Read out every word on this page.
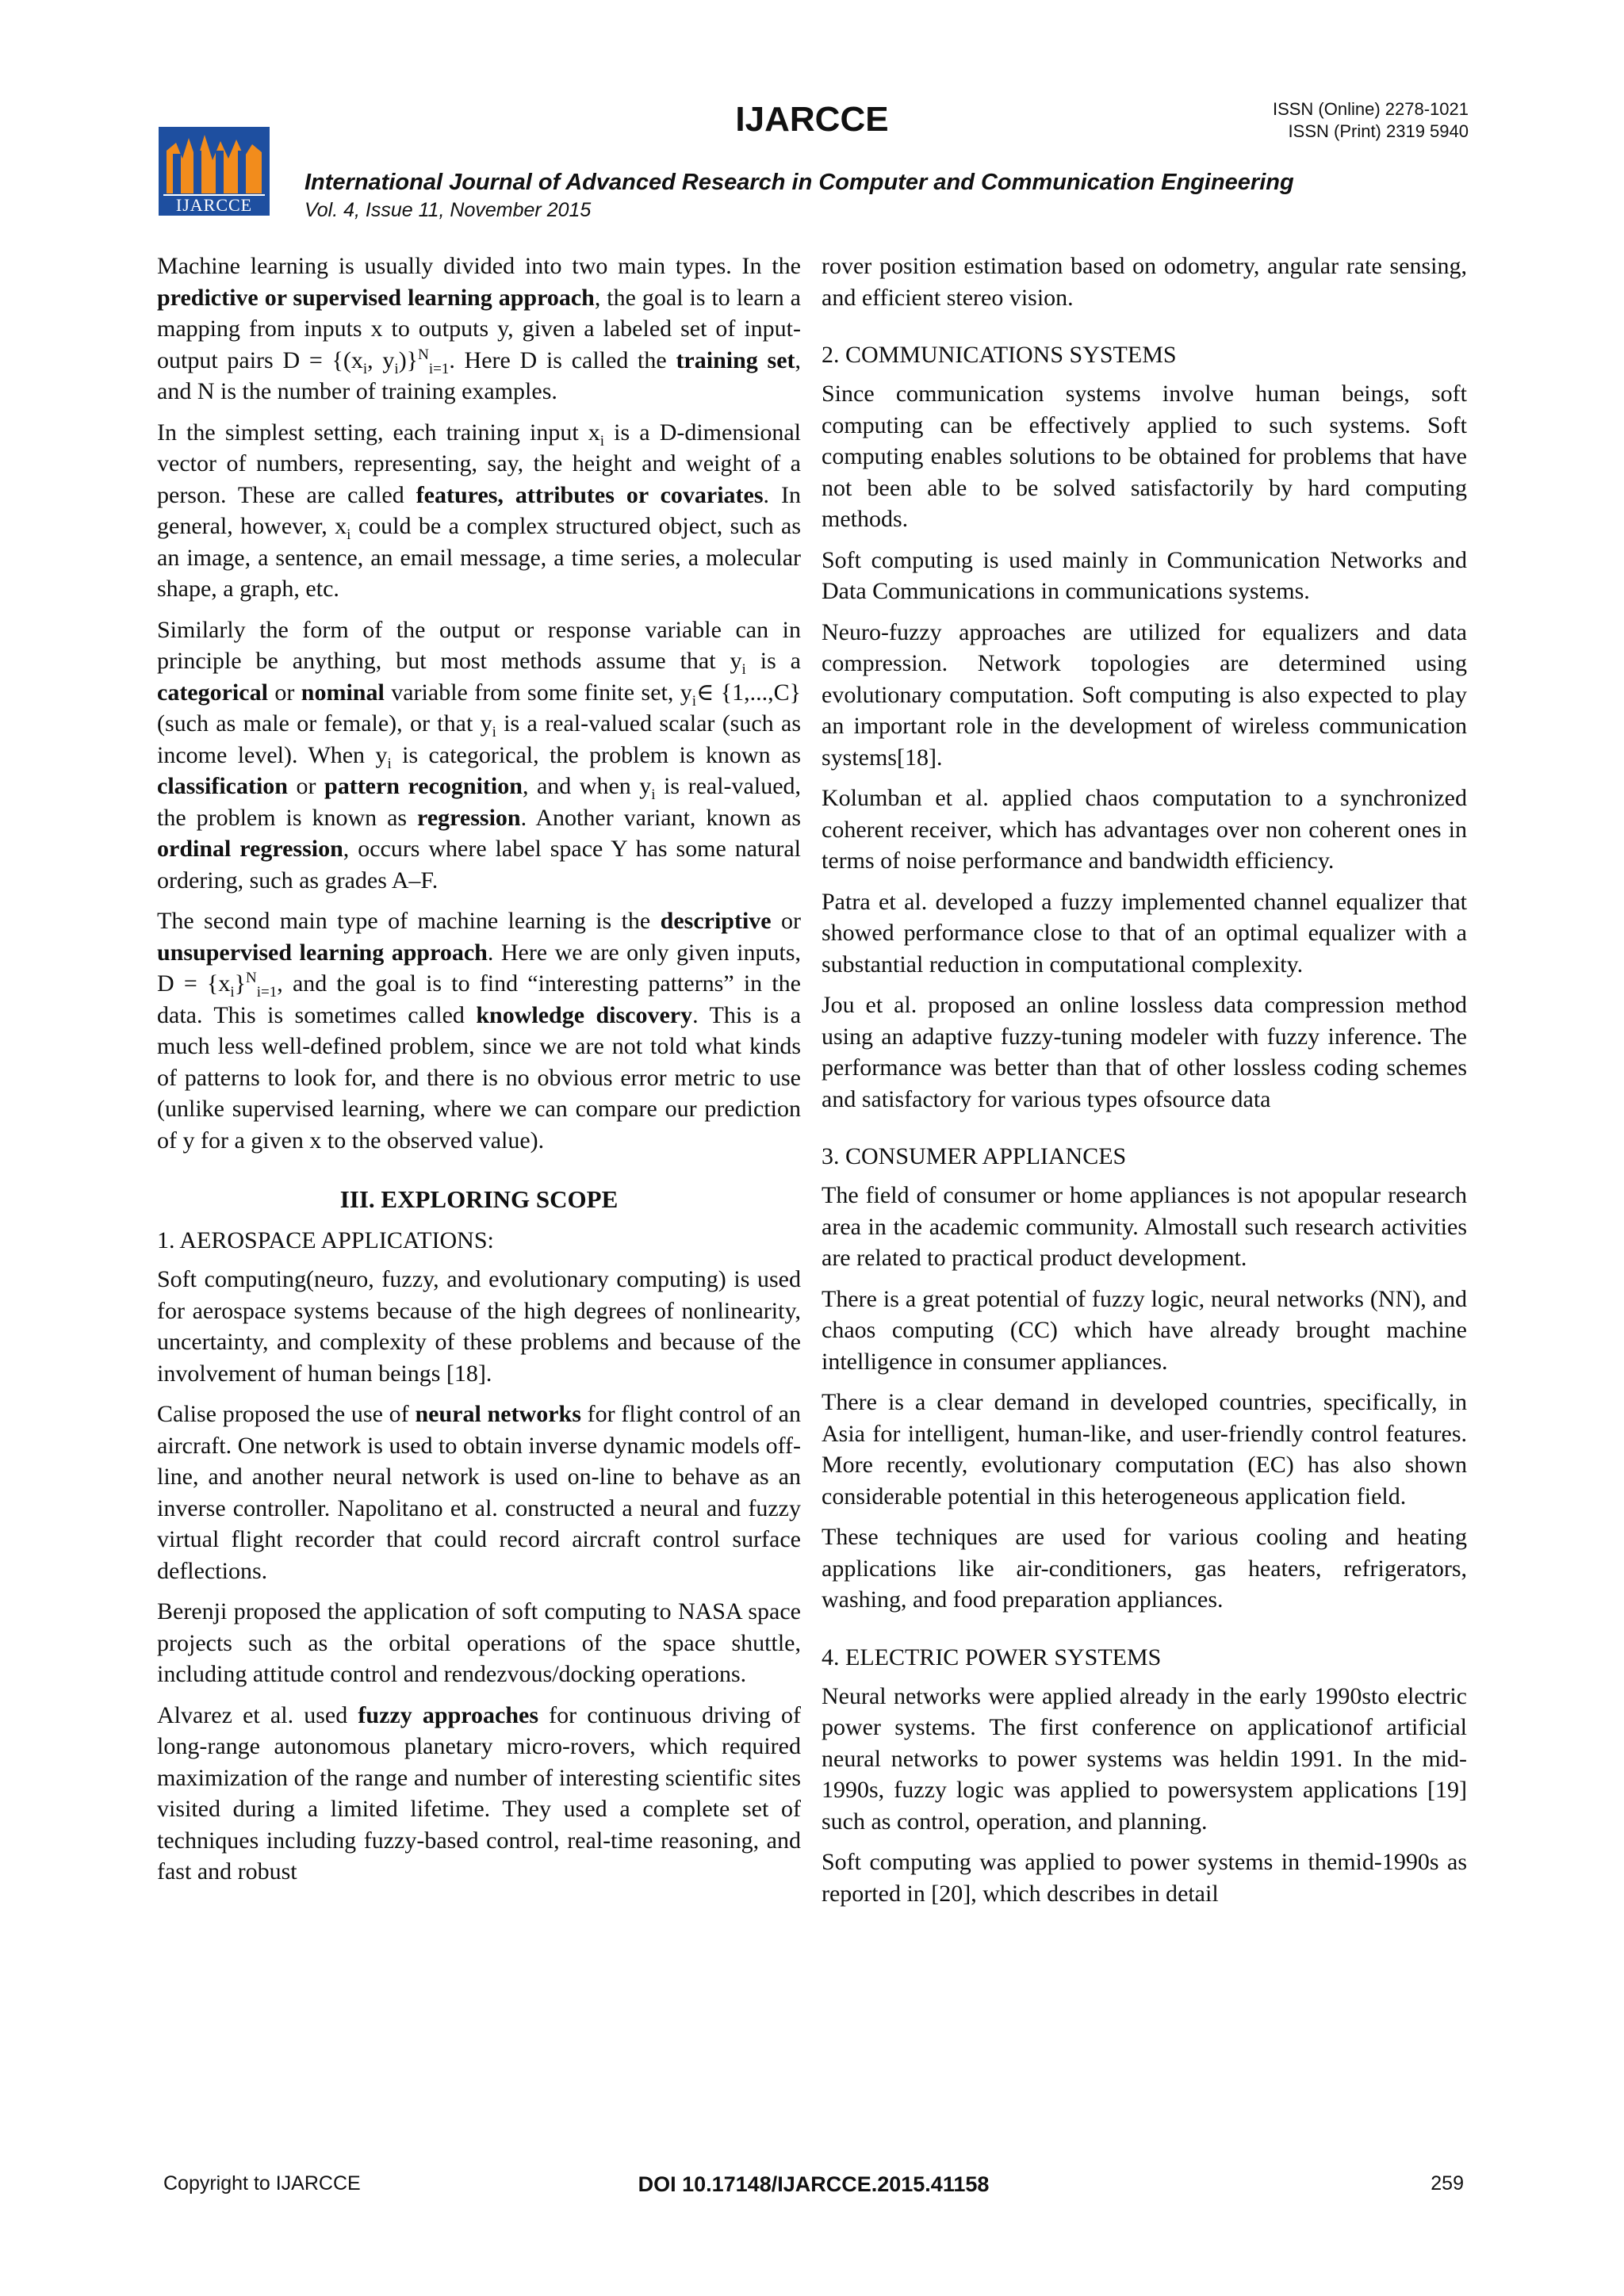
IJARCCE
IJARCCE	ISSN (Online) 2278-1021
ISSN (Print) 2319 5940
International Journal of Advanced Research in Computer and Communication Engineering
Vol. 4, Issue 11, November 2015

Machine learning is usually divided into two main types. In the predictive or supervised learning approach, the goal is to learn a mapping from inputs x to outputs y, given a labeled set of input-output pairs $D = \{(x_i$, $y_i)\}^N_{i=1}$. Here D is called the training set, and N is the number of training examples.

In the simplest setting, each training input $x_i$ is a D-dimensional vector of numbers, representing, say, the height and weight of a person. These are called features, attributes or covariates. In general, however, $x_i$ could be a complex structured object, such as an image, a sentence, an email message, a time series, a molecular shape, a graph, etc.

Similarly the form of the output or response variable can in principle be anything, but most methods assume that $y_i$ is a categorical or nominal variable from some finite set, $y_i\in$ {1,...,C} (such as male or female), or that $y_i$ is a real-valued scalar (such as income level). When $y_i$ is categorical, the problem is known as classification or pattern recognition, and when $y_i$ is real-valued, the problem is known as regression. Another variant, known as ordinal regression, occurs where label space Y has some natural ordering, such as grades A–F.

The second main type of machine learning is the descriptive or unsupervised learning approach. Here we are only given inputs, $D = \{x_i\}^N_{i=1}$, and the goal is to find “interesting patterns” in the data. This is sometimes called knowledge discovery. This is a much less well-defined problem, since we are not told what kinds of patterns to look for, and there is no obvious error metric to use (unlike supervised learning, where we can compare our prediction of y for a given x to the observed value).

III. EXPLORING SCOPE
1. AEROSPACE APPLICATIONS:

Soft computing(neuro, fuzzy, and evolutionary computing) is used for aerospace systems because of the high degrees of nonlinearity, uncertainty, and complexity of these problems and because of the involvement of human beings [18].

Calise proposed the use of neural networks for flight control of an aircraft. One network is used to obtain inverse dynamic models off-line, and another neural network is used on-line to behave as an inverse controller. Napolitano et al. constructed a neural and fuzzy virtual flight recorder that could record aircraft control surface deflections.

Berenji proposed the application of soft computing to NASA space projects such as the orbital operations of the space shuttle, including attitude control and rendezvous/docking operations.

Alvarez et al. used fuzzy approaches for continuous driving of long-range autonomous planetary micro-rovers, which required maximization of the range and number of interesting scientific sites visited during a limited lifetime. They used a complete set of techniques including fuzzy-based control, real-time reasoning, and fast and robust

rover position estimation based on odometry, angular rate sensing, and efficient stereo vision.

2. COMMUNICATIONS SYSTEMS

Since communication systems involve human beings, soft computing can be effectively applied to such systems. Soft computing enables solutions to be obtained for problems that have not been able to be solved satisfactorily by hard computing methods.

Soft computing is used mainly in Communication Networks and Data Communications in communications systems.

Neuro-fuzzy approaches are utilized for equalizers and data compression. Network topologies are determined using evolutionary computation. Soft computing is also expected to play an important role in the development of wireless communication systems[18].

Kolumban et al. applied chaos computation to a synchronized coherent receiver, which has advantages over non coherent ones in terms of noise performance and bandwidth efficiency.

Patra et al. developed a fuzzy implemented channel equalizer that showed performance close to that of an optimal equalizer with a substantial reduction in computational complexity.

Jou et al. proposed an online lossless data compression method using an adaptive fuzzy-tuning modeler with fuzzy inference. The performance was better than that of other lossless coding schemes and satisfactory for various types ofsource data

3. CONSUMER APPLIANCES

The field of consumer or home appliances is not apopular research area in the academic community. Almostall such research activities are related to practical product development.

There is a great potential of fuzzy logic, neural networks (NN), and chaos computing (CC) which have already brought machine intelligence in consumer appliances.

There is a clear demand in developed countries, specifically, in Asia for intelligent, human-like, and user-friendly control features. More recently, evolutionary computation (EC) has also shown considerable potential in this heterogeneous application field.

These techniques are used for various cooling and heating applications like air-conditioners, gas heaters, refrigerators, washing, and food preparation appliances.

4. ELECTRIC POWER SYSTEMS

Neural networks were applied already in the early 1990sto electric power systems. The first conference on applicationof artificial neural networks to power systems was heldin 1991. In the mid-1990s, fuzzy logic was applied to powersystem applications [19] such as control, operation, and planning.

Soft computing was applied to power systems in themid-1990s as reported in [20], which describes in detail

Copyright to IJARCCE	DOI 10.17148/IJARCCE.2015.41158	259
